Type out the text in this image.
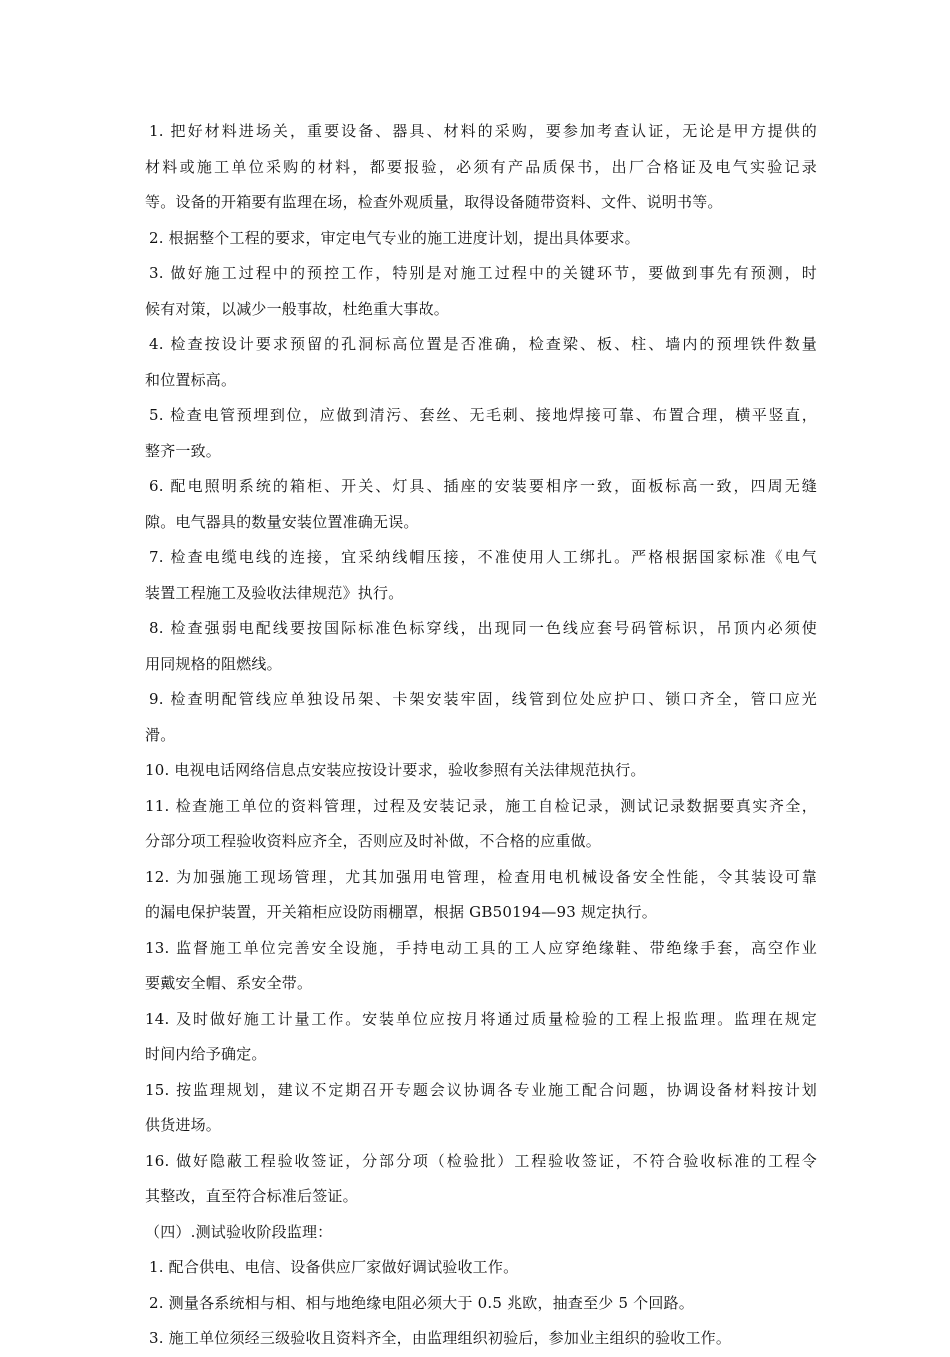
1. 把好材料进场关，重要设备、器具、材料的采购，要参加考查认证，无论是甲方提供的
材料或施工单位采购的材料，都要报验，必须有产品质保书，出厂合格证及电气实验记录
等。设备的开箱要有监理在场，检查外观质量，取得设备随带资料、文件、说明书等。
2. 根据整个工程的要求，审定电气专业的施工进度计划，提出具体要求。
3. 做好施工过程中的预控工作，特别是对施工过程中的关键环节，要做到事先有预测，时
候有对策，以减少一般事故，杜绝重大事故。
4. 检查按设计要求预留的孔洞标高位置是否准确，检查梁、板、柱、墙内的预埋铁件数量
和位置标高。
5. 检查电管预埋到位，应做到清污、套丝、无毛刺、接地焊接可靠、布置合理，横平竖直，
整齐一致。
6. 配电照明系统的箱柜、开关、灯具、插座的安装要相序一致，面板标高一致，四周无缝
隙。电气器具的数量安装位置准确无误。
7. 检查电缆电线的连接，宜采纳线帽压接，不准使用人工绑扎。严格根据国家标准《电气
装置工程施工及验收法律规范》执行。
8. 检查强弱电配线要按国际标准色标穿线，出现同一色线应套号码管标识，吊顶内必须使
用同规格的阻燃线。
9. 检查明配管线应单独设吊架、卡架安装牢固，线管到位处应护口、锁口齐全，管口应光
滑。
10. 电视电话网络信息点安装应按设计要求，验收参照有关法律规范执行。
11. 检查施工单位的资料管理，过程及安装记录，施工自检记录，测试记录数据要真实齐全，
分部分项工程验收资料应齐全，否则应及时补做，不合格的应重做。
12. 为加强施工现场管理，尤其加强用电管理，检查用电机械设备安全性能，令其装设可靠
的漏电保护装置，开关箱柜应设防雨棚罩，根据 GB50194—93 规定执行。
13. 监督施工单位完善安全设施，手持电动工具的工人应穿绝缘鞋、带绝缘手套，高空作业
要戴安全帽、系安全带。
14. 及时做好施工计量工作。安装单位应按月将通过质量检验的工程上报监理。监理在规定
时间内给予确定。
15. 按监理规划，建议不定期召开专题会议协调各专业施工配合问题，协调设备材料按计划
供货进场。
16. 做好隐蔽工程验收签证，分部分项（检验批）工程验收签证，不符合验收标准的工程令
其整改，直至符合标准后签证。
（四）.测试验收阶段监理：
1. 配合供电、电信、设备供应厂家做好调试验收工作。
2. 测量各系统相与相、相与地绝缘电阻必须大于 0.5 兆欧，抽查至少 5 个回路。
3. 施工单位须经三级验收且资料齐全，由监理组织初验后，参加业主组织的验收工作。
